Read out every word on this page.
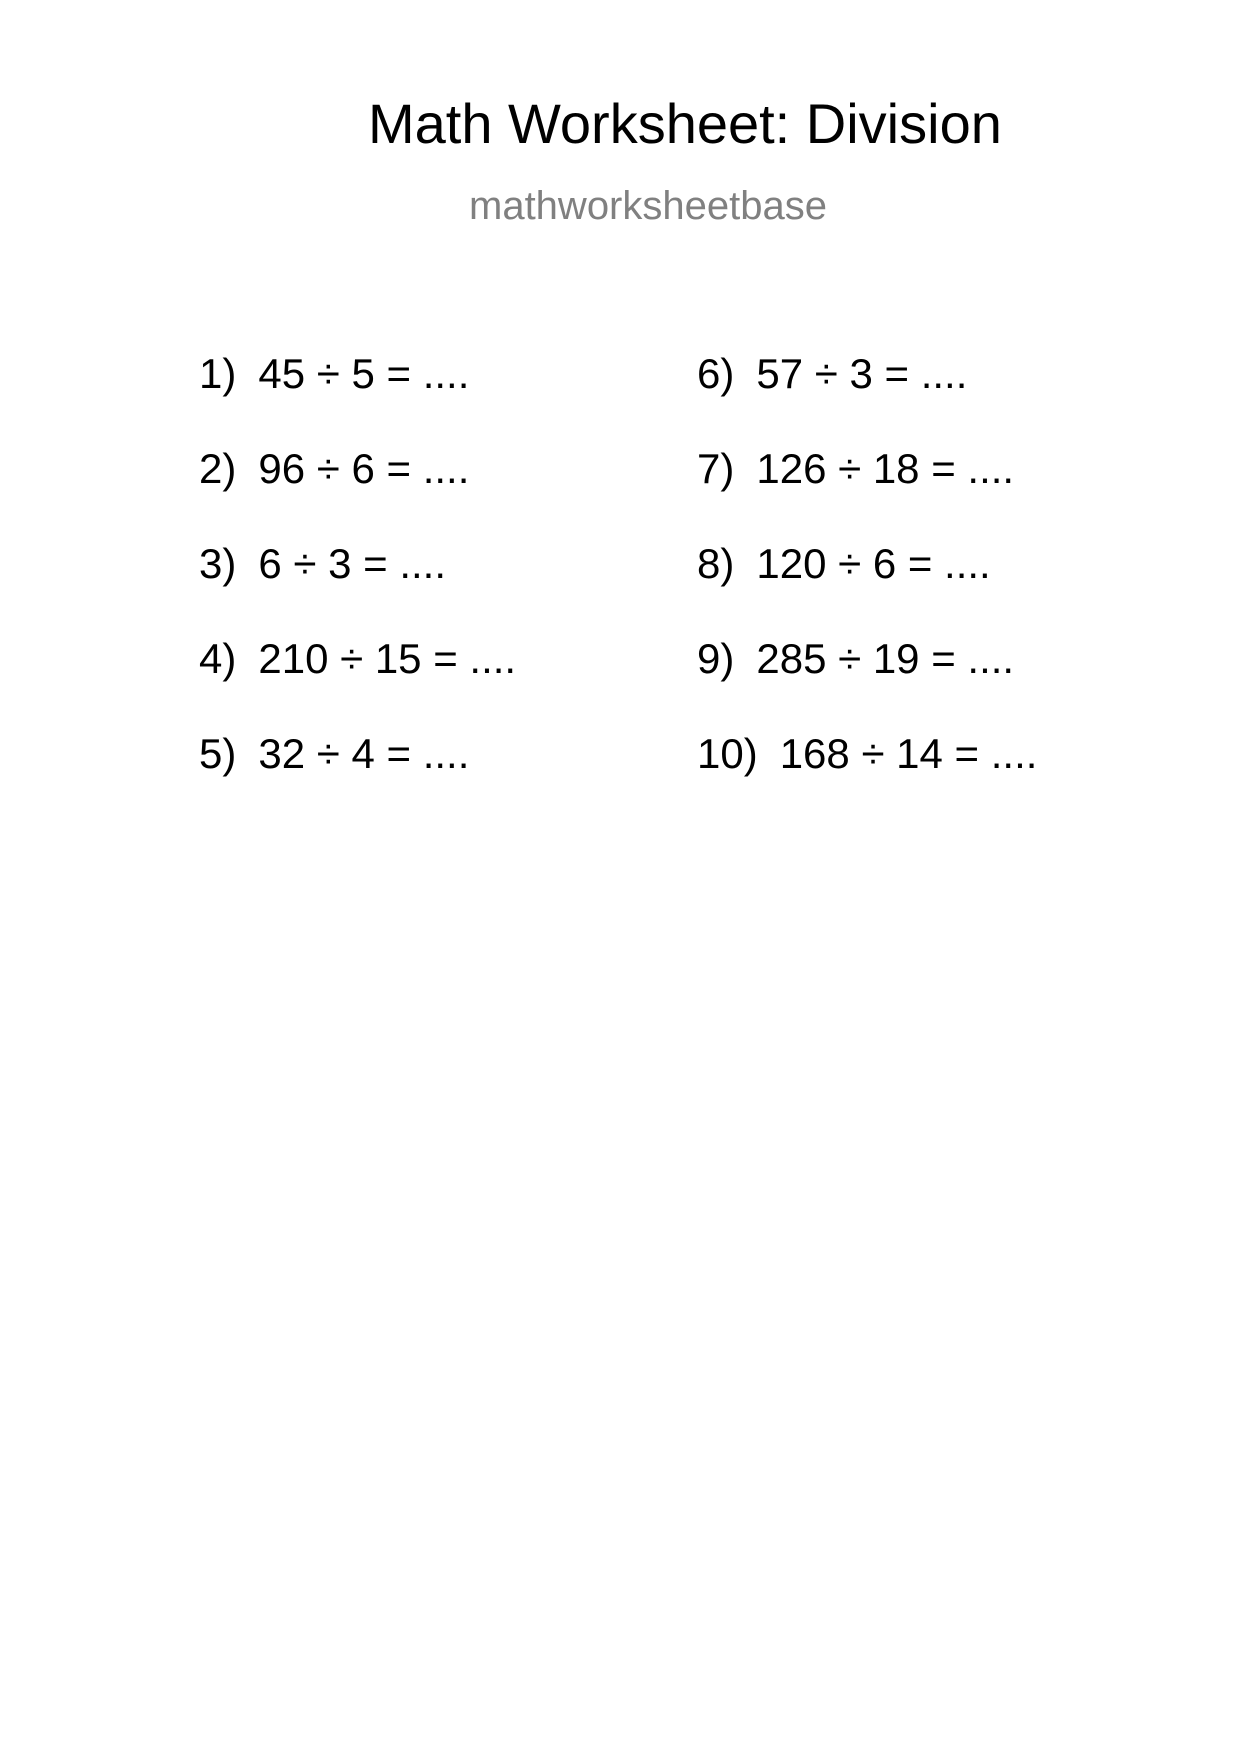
Math Worksheet: Division
mathworksheetbase
1) 45 ÷ 5 = ....
2) 96 ÷ 6 = ....
3) 6 ÷ 3 = ....
4) 210 ÷ 15 = ....
5) 32 ÷ 4 = ....
6) 57 ÷ 3 = ....
7) 126 ÷ 18 = ....
8) 120 ÷ 6 = ....
9) 285 ÷ 19 = ....
10) 168 ÷ 14 = ....
